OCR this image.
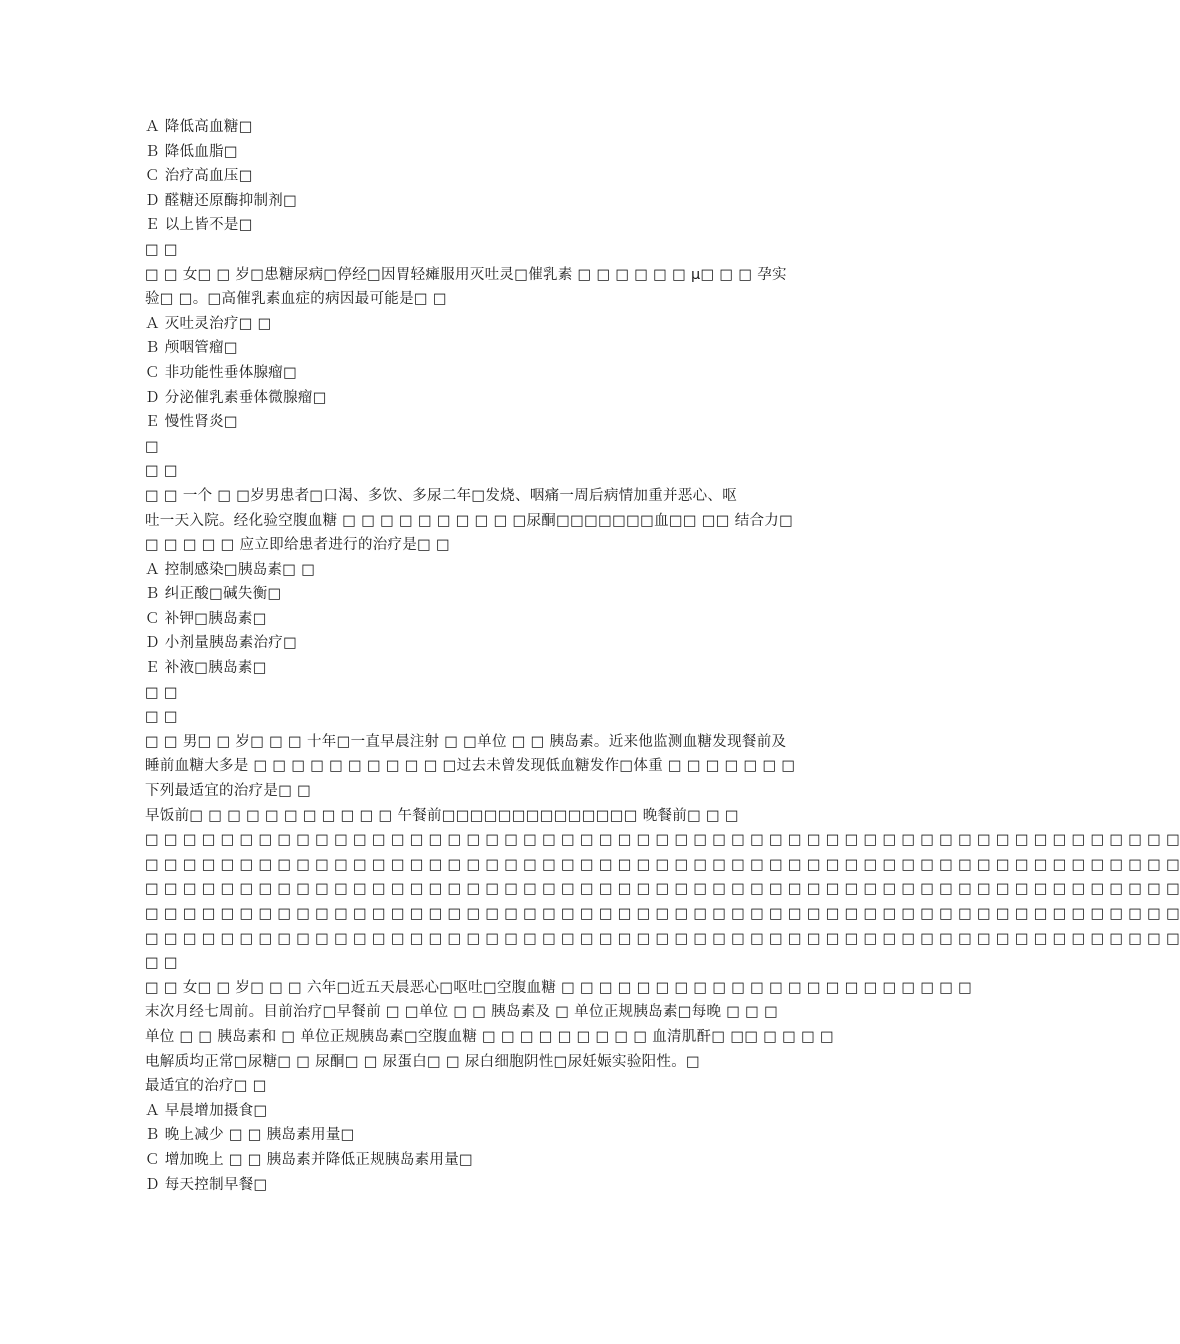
Ａ 降低高血糖□
Ｂ 降低血脂□
Ｃ 治疗高血压□
Ｄ 醛糖还原酶抑制剂□
Ｅ 以上皆不是□
□ □
□ □ 女□ □ 岁□患糖尿病□停经□因胃轻瘫服用灭吐灵□催乳素 □ □ □ □ □ □ μ□ □ □ 孕实
验□ □。□高催乳素血症的病因最可能是□ □
Ａ 灭吐灵治疗□ □
Ｂ 颅咽管瘤□
Ｃ 非功能性垂体腺瘤□
Ｄ 分泌催乳素垂体微腺瘤□
Ｅ 慢性肾炎□
□
□ □
□ □ 一个 □ □岁男患者□口渴、多饮、多尿二年□发烧、咽痛一周后病情加重并恶心、呕
吐一天入院。经化验空腹血糖 □ □ □ □ □ □ □ □ □ □尿酮□□□□□□□血□□ □□ 结合力□
□ □ □ □ □ 应立即给患者进行的治疗是□ □
Ａ 控制感染□胰岛素□ □
Ｂ 纠正酸□碱失衡□
Ｃ 补钾□胰岛素□
Ｄ 小剂量胰岛素治疗□
Ｅ 补液□胰岛素□
□ □
□ □
□ □ 男□ □ 岁□ □ □ 十年□一直早晨注射 □ □单位 □ □ 胰岛素。近来他监测血糖发现餐前及
睡前血糖大多是 □ □ □ □ □ □ □ □ □ □ □过去未曾发现低血糖发作□体重 □ □ □ □ □ □ □
下列最适宜的治疗是□ □
早饭前□ □ □ □ □ □ □ □ □ □ □ 午餐前□□□□□□□□□□□□□□ 晚餐前□ □ □
□ □ □ □ □ □ □ □ □ □ □ □ □ □ □ □ □ □ □ □ □ □ □ □ □ □ □ □ □ □ □ □ □ □ □ □ □ □ □ □ □ □ □ □ □ □ □ □ □ □ □ □ □ □ □
□ □ □ □ □ □ □ □ □ □ □ □ □ □ □ □ □ □ □ □ □ □ □ □ □ □ □ □ □ □ □ □ □ □ □ □ □ □ □ □ □ □ □ □ □ □ □ □ □ □ □ □ □ □ □
□ □ □ □ □ □ □ □ □ □ □ □ □ □ □ □ □ □ □ □ □ □ □ □ □ □ □ □ □ □ □ □ □ □ □ □ □ □ □ □ □ □ □ □ □ □ □ □ □ □ □ □ □ □ □
□ □ □ □ □ □ □ □ □ □ □ □ □ □ □ □ □ □ □ □ □ □ □ □ □ □ □ □ □ □ □ □ □ □ □ □ □ □ □ □ □ □ □ □ □ □ □ □ □ □ □ □ □ □ □
□ □ □ □ □ □ □ □ □ □ □ □ □ □ □ □ □ □ □ □ □ □ □ □ □ □ □ □ □ □ □ □ □ □ □ □ □ □ □ □ □ □ □ □ □ □ □ □ □ □ □ □ □ □ □
□ □
□ □ 女□ □ 岁□ □ □ 六年□近五天晨恶心□呕吐□空腹血糖 □ □ □ □ □ □ □ □ □ □ □ □ □ □ □ □ □ □ □ □ □ □
末次月经七周前。目前治疗□早餐前 □ □单位 □ □ 胰岛素及 □ 单位正规胰岛素□每晚 □ □ □
单位 □ □ 胰岛素和 □ 单位正规胰岛素□空腹血糖 □ □ □ □ □ □ □ □ □ 血清肌酐□ □□ □ □ □ □
电解质均正常□尿糖□ □ 尿酮□ □ 尿蛋白□ □ 尿白细胞阴性□尿妊娠实验阳性。□
最适宜的治疗□ □
Ａ 早晨增加摄食□
Ｂ 晚上减少 □ □ 胰岛素用量□
Ｃ 增加晚上 □ □ 胰岛素并降低正规胰岛素用量□
Ｄ 每天控制早餐□
